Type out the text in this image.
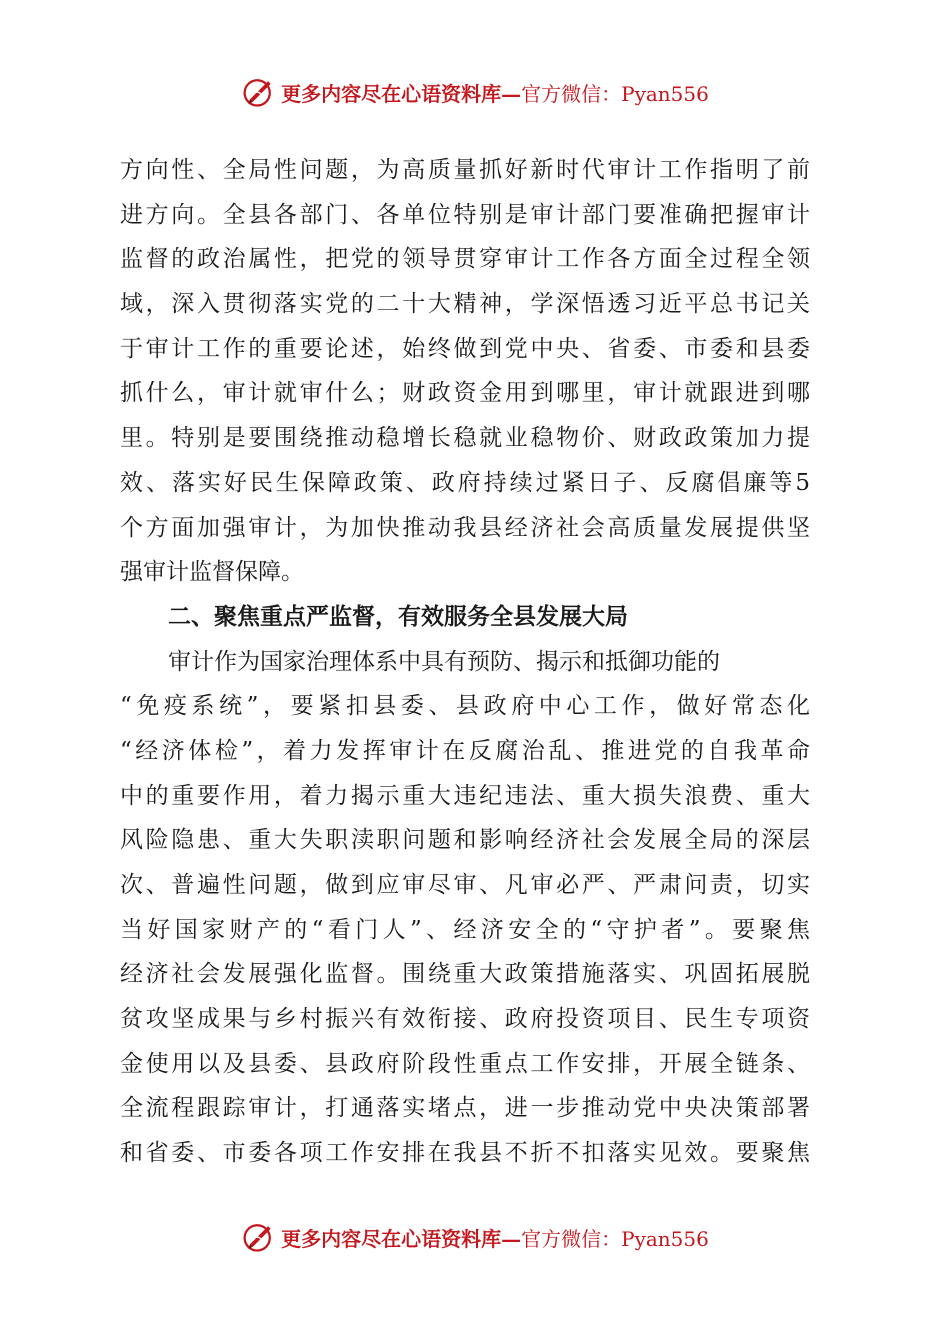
更多内容尽在心语资料库—官方微信：Pyan556
方向性、全局性问题，为高质量抓好新时代审计工作指明了前
进方向。全县各部门、各单位特别是审计部门要准确把握审计
监督的政治属性，把党的领导贯穿审计工作各方面全过程全领
域，深入贯彻落实党的二十大精神，学深悟透习近平总书记关
于审计工作的重要论述，始终做到党中央、省委、市委和县委
抓什么，审计就审什么；财政资金用到哪里，审计就跟进到哪
里。特别是要围绕推动稳增长稳就业稳物价、财政政策加力提
效、落实好民生保障政策、政府持续过紧日子、反腐倡廉等5
个方面加强审计，为加快推动我县经济社会高质量发展提供坚
强审计监督保障。
二、聚焦重点严监督，有效服务全县发展大局
审计作为国家治理体系中具有预防、揭示和抵御功能的
“免疫系统”，要紧扣县委、县政府中心工作，做好常态化
“经济体检”，着力发挥审计在反腐治乱、推进党的自我革命
中的重要作用，着力揭示重大违纪违法、重大损失浪费、重大
风险隐患、重大失职渎职问题和影响经济社会发展全局的深层
次、普遍性问题，做到应审尽审、凡审必严、严肃问责，切实
当好国家财产的“看门人”、经济安全的“守护者”。要聚焦
经济社会发展强化监督。围绕重大政策措施落实、巩固拓展脱
贫攻坚成果与乡村振兴有效衔接、政府投资项目、民生专项资
金使用以及县委、县政府阶段性重点工作安排，开展全链条、
全流程跟踪审计，打通落实堵点，进一步推动党中央决策部署
和省委、市委各项工作安排在我县不折不扣落实见效。要聚焦
更多内容尽在心语资料库—官方微信：Pyan556
